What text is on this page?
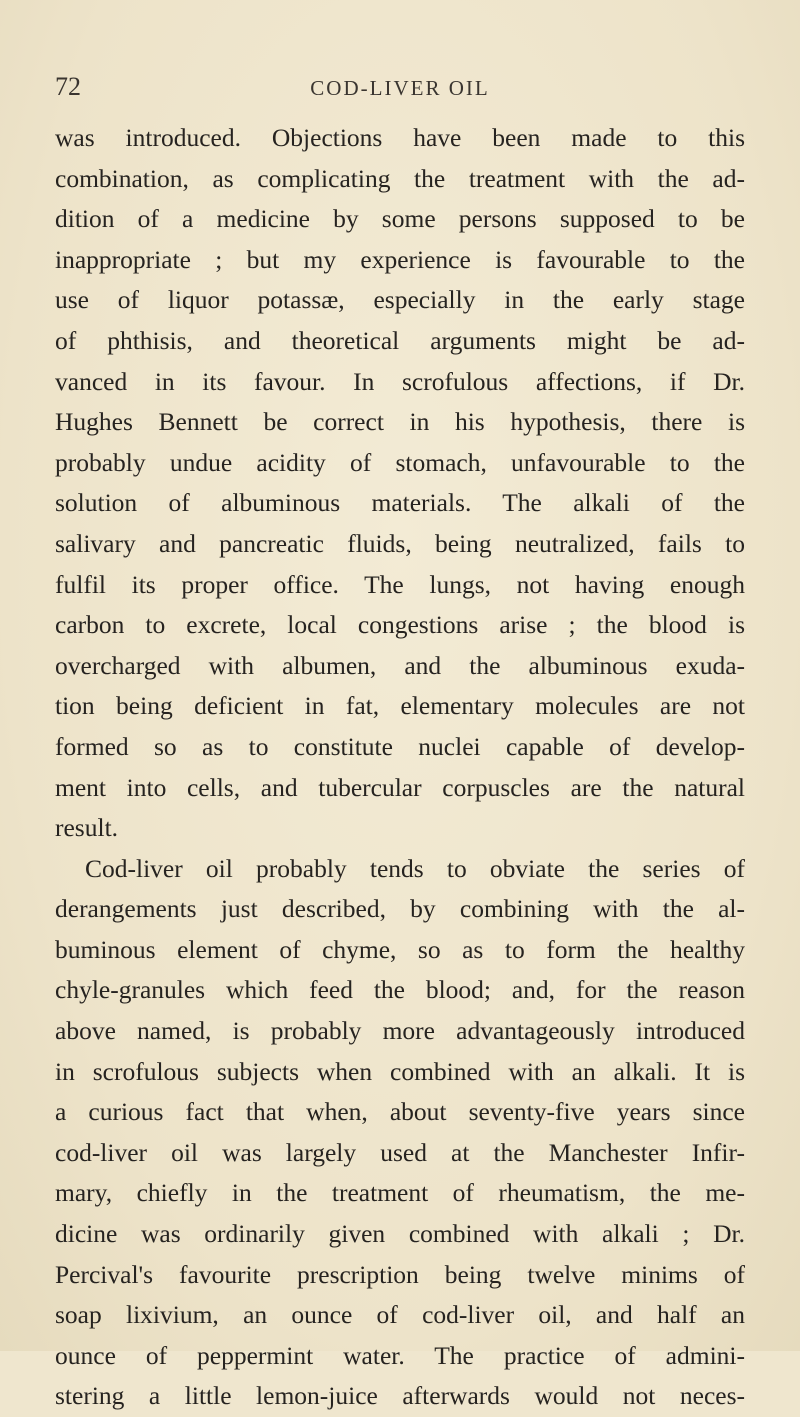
72	COD-LIVER OIL
was introduced. Objections have been made to this
combination, as complicating the treatment with the ad-
dition of a medicine by some persons supposed to be
inappropriate ; but my experience is favourable to the
use of liquor potassæ, especially in the early stage
of phthisis, and theoretical arguments might be ad-
vanced in its favour. In scrofulous affections, if Dr.
Hughes Bennett be correct in his hypothesis, there is
probably undue acidity of stomach, unfavourable to the
solution of albuminous materials. The alkali of the
salivary and pancreatic fluids, being neutralized, fails to
fulfil its proper office. The lungs, not having enough
carbon to excrete, local congestions arise ; the blood is
overcharged with albumen, and the albuminous exuda-
tion being deficient in fat, elementary molecules are not
formed so as to constitute nuclei capable of develop-
ment into cells, and tubercular corpuscles are the natural
result.
Cod-liver oil probably tends to obviate the series of
derangements just described, by combining with the al-
buminous element of chyme, so as to form the healthy
chyle-granules which feed the blood; and, for the reason
above named, is probably more advantageously introduced
in scrofulous subjects when combined with an alkali. It is
a curious fact that when, about seventy-five years since
cod-liver oil was largely used at the Manchester Infir-
mary, chiefly in the treatment of rheumatism, the me-
dicine was ordinarily given combined with alkali ; Dr.
Percival's favourite prescription being twelve minims of
soap lixivium, an ounce of cod-liver oil, and half an
ounce of peppermint water. The practice of admini-
stering a little lemon-juice afterwards would not neces-
